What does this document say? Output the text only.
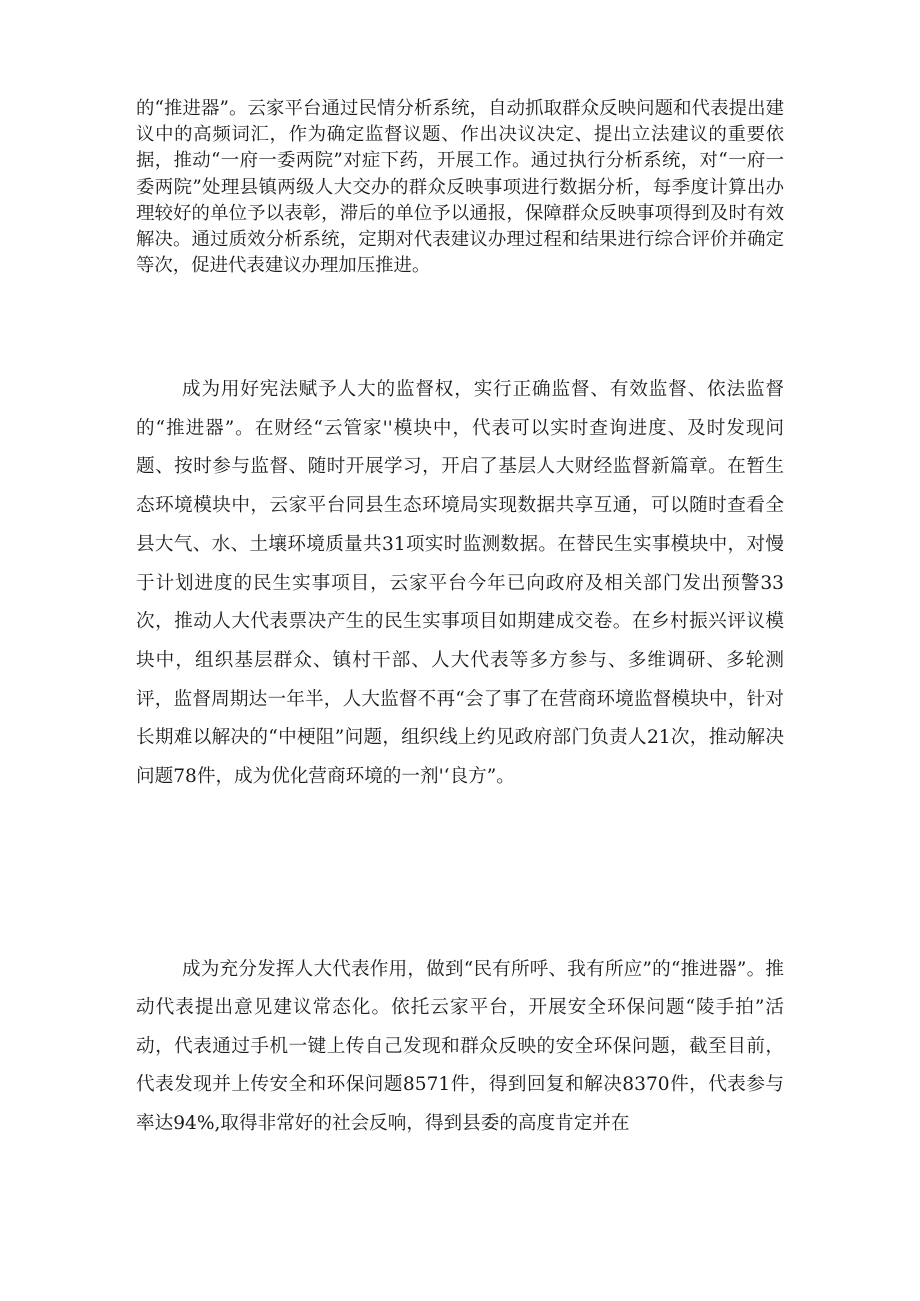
的“推进器”。云家平台通过民情分析系统，自动抓取群众反映问题和代表提出建议中的高频词汇，作为确定监督议题、作出决议决定、提出立法建议的重要依据，推动“一府一委两院”对症下药，开展工作。通过执行分析系统，对“一府一委两院”处理县镇两级人大交办的群众反映事项进行数据分析，每季度计算出办理较好的单位予以表彰，滞后的单位予以通报，保障群众反映事项得到及时有效解决。通过质效分析系统，定期对代表建议办理过程和结果进行综合评价并确定等次，促进代表建议办理加压推进。

成为用好宪法赋予人大的监督权，实行正确监督、有效监督、依法监督的“推进器”。在财经“云管家''模块中，代表可以实时查询进度、及时发现问题、按时参与监督、随时开展学习，开启了基层人大财经监督新篇章。在暂生态环境模块中，云家平台同县生态环境局实现数据共享互通，可以随时查看全县大气、水、土壤环境质量共31项实时监测数据。在替民生实事模块中，对慢于计划进度的民生实事项目，云家平台今年已向政府及相关部门发出预警33次，推动人大代表票决产生的民生实事项目如期建成交卷。在乡村振兴评议模块中，组织基层群众、镇村干部、人大代表等多方参与、多维调研、多轮测评，监督周期达一年半，人大监督不再“会了事了在营商环境监督模块中，针对长期难以解决的“中梗阻”问题，组织线上约见政府部门负责人21次，推动解决问题78件，成为优化营商环境的一剂'‘良方”。

成为充分发挥人大代表作用，做到“民有所呼、我有所应”的“推进器”。推动代表提出意见建议常态化。依托云家平台，开展安全环保问题“陵手拍”活动，代表通过手机一键上传自己发现和群众反映的安全环保问题，截至目前，代表发现并上传安全和环保问题8571件，得到回复和解决8370件，代表参与率达94%,取得非常好的社会反响，得到县委的高度肯定并在
